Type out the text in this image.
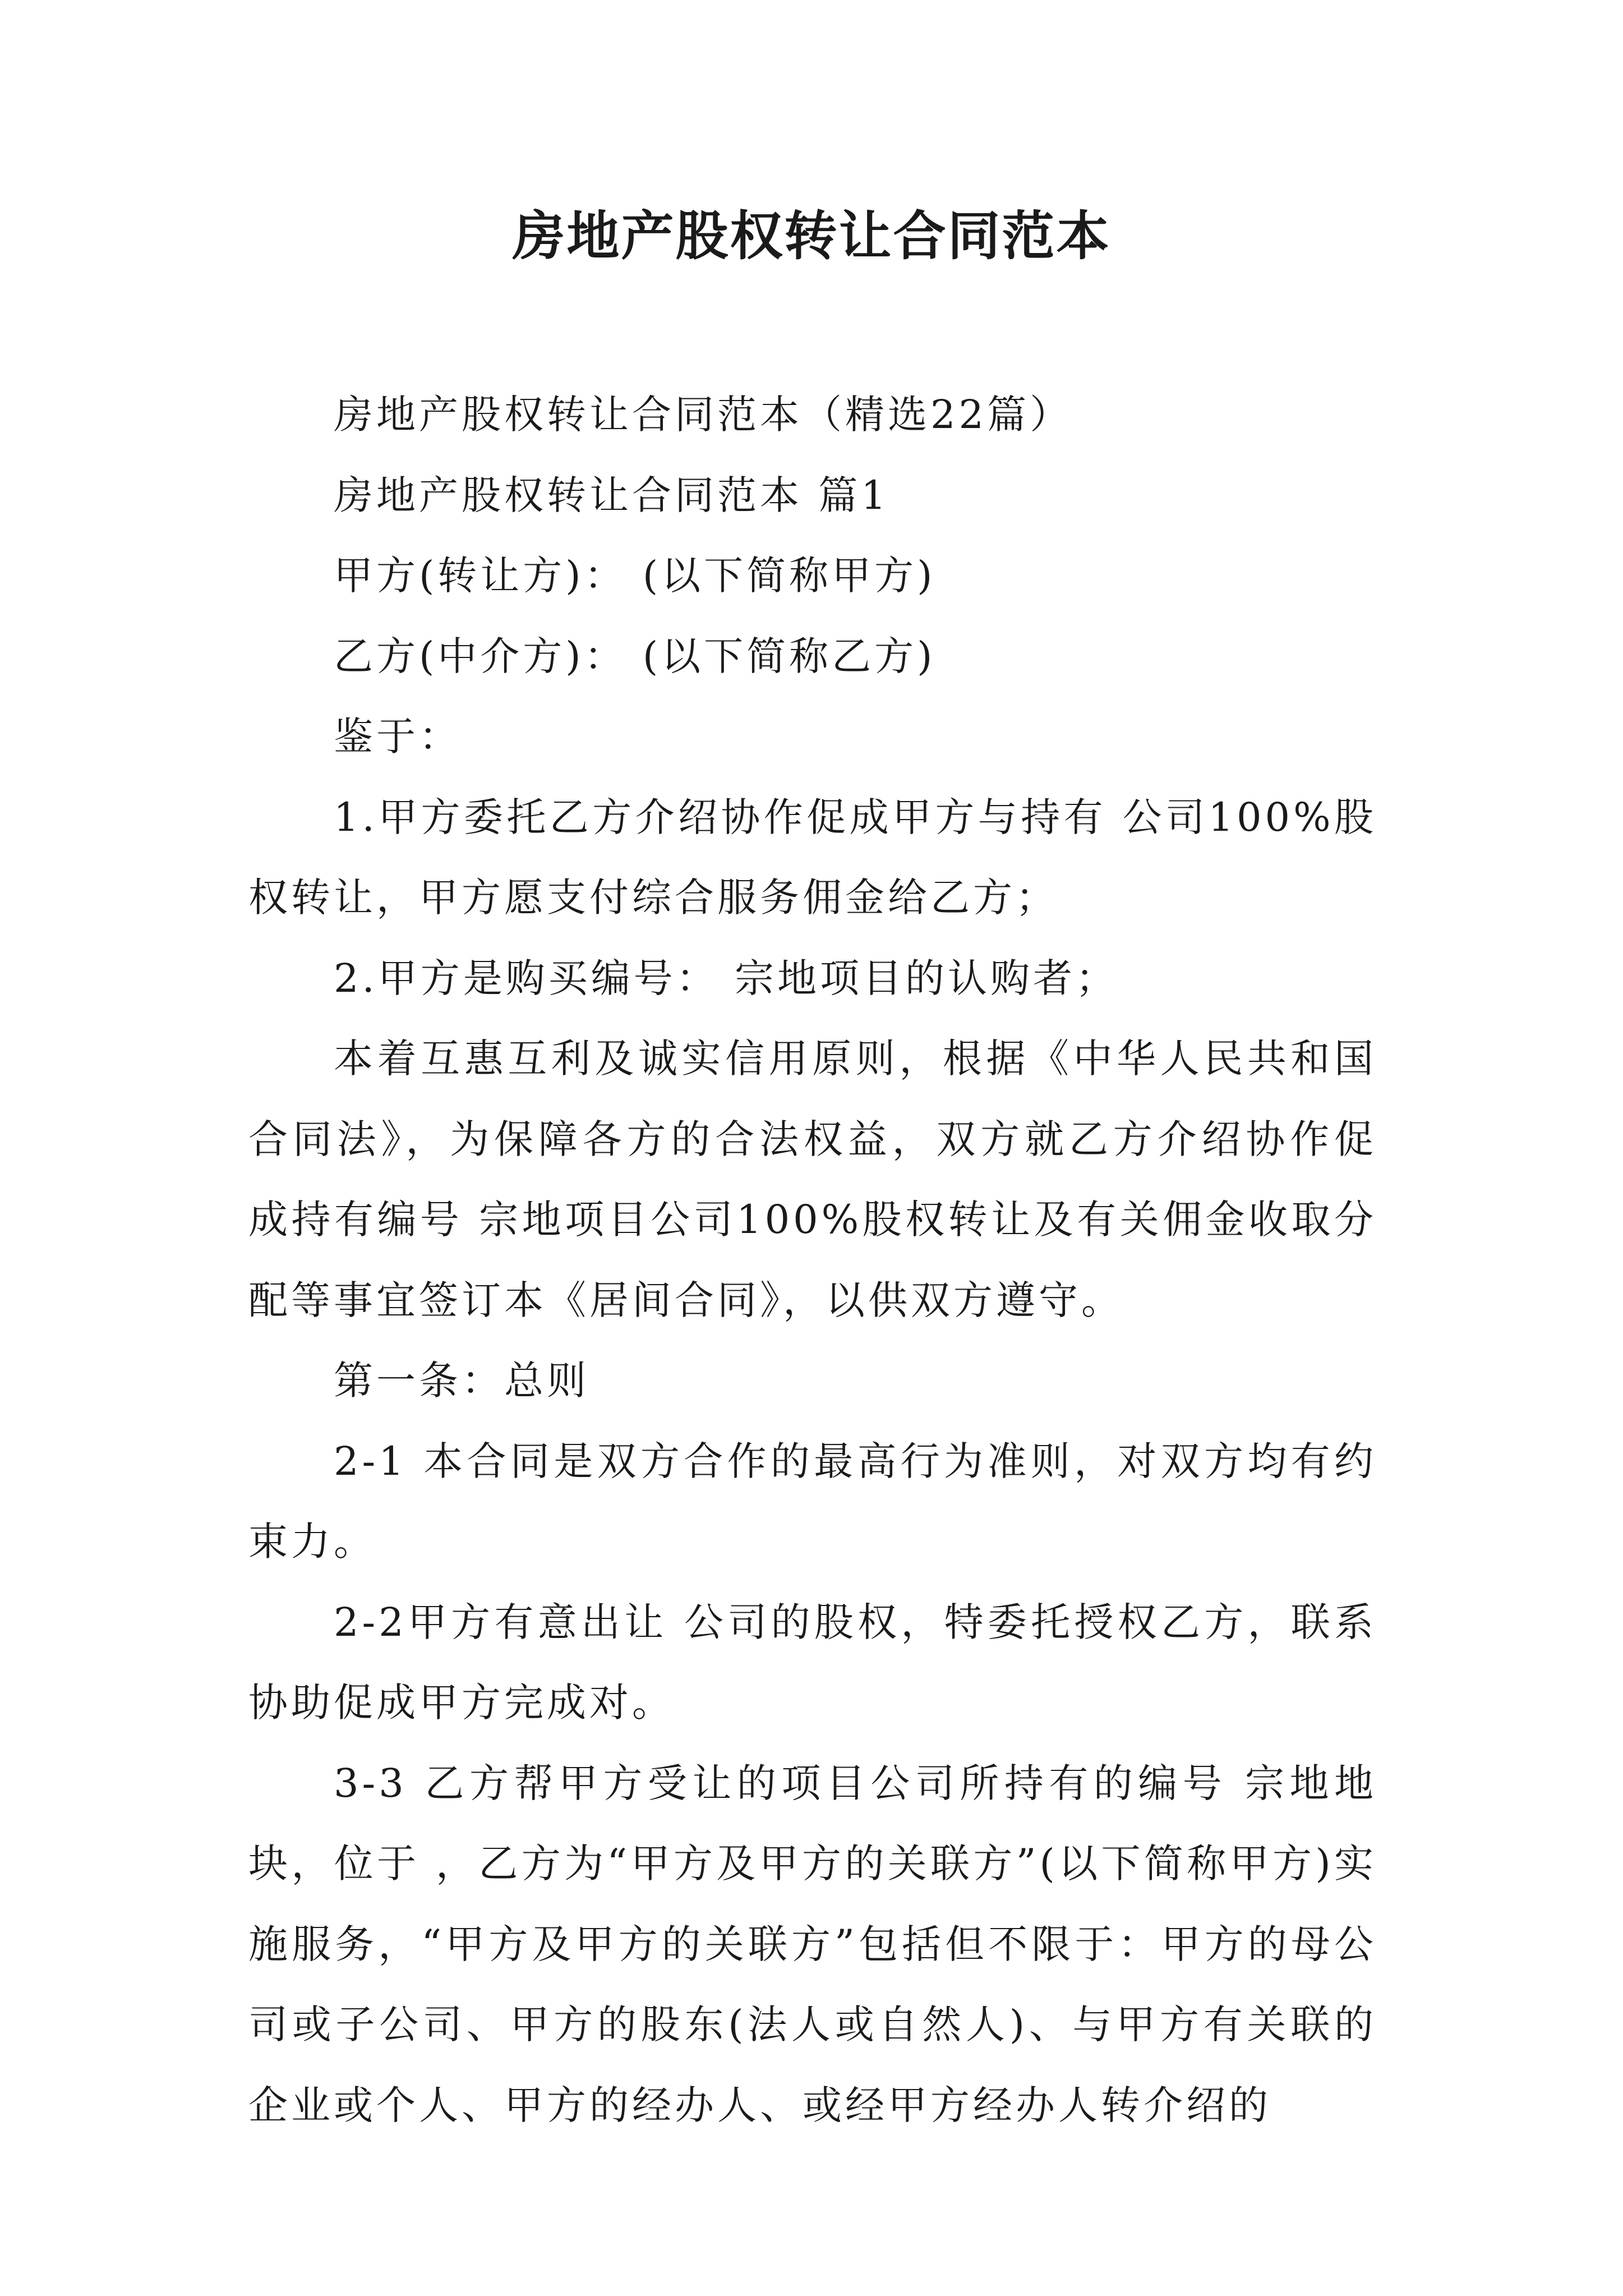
房地产股权转让合同范本

房地产股权转让合同范本（精选22篇）

房地产股权转让合同范本 篇1

甲方(转让方)： (以下简称甲方)

乙方(中介方)： (以下简称乙方)

鉴于：

1.甲方委托乙方介绍协作促成甲方与持有 公司100%股权转让，甲方愿支付综合服务佣金给乙方；

2.甲方是购买编号： 宗地项目的认购者；

本着互惠互利及诚实信用原则，根据《中华人民共和国合同法》，为保障各方的合法权益，双方就乙方介绍协作促成持有编号 宗地项目公司100%股权转让及有关佣金收取分配等事宜签订本《居间合同》，以供双方遵守。

第一条：总则

2-1 本合同是双方合作的最高行为准则，对双方均有约束力。

2-2甲方有意出让 公司的股权，特委托授权乙方，联系协助促成甲方完成对。

3-3 乙方帮甲方受让的项目公司所持有的编号 宗地地块，位于 ，乙方为“甲方及甲方的关联方”(以下简称甲方)实施服务，“甲方及甲方的关联方”包括但不限于：甲方的母公司或子公司、甲方的股东(法人或自然人)、与甲方有关联的企业或个人、甲方的经办人、或经甲方经办人转介绍的
